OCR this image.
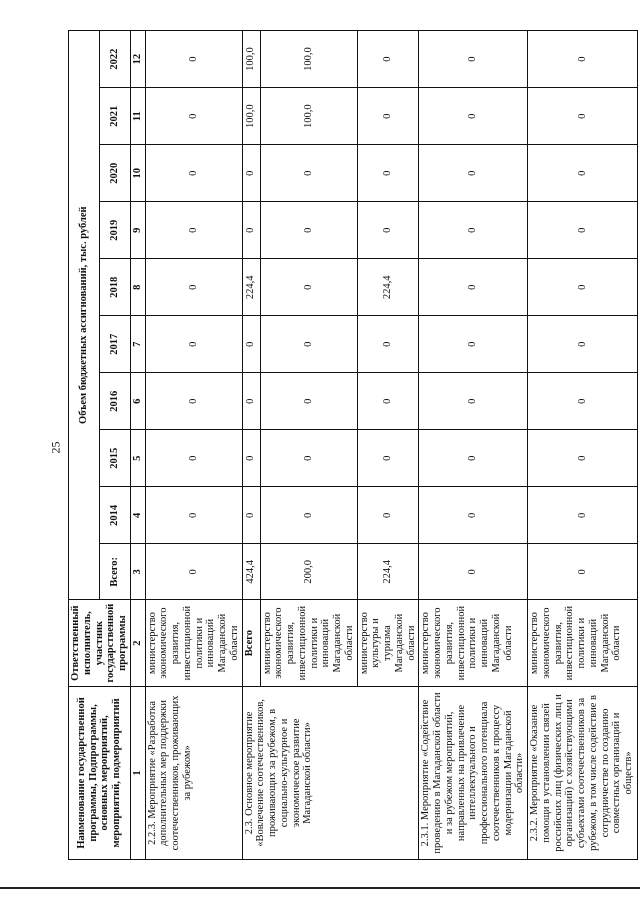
25
Наименование государственной программы, Подпрограммы, основных мероприятий, мероприятий, подмероприятий	Ответственный исполнитель, участник государственной программы	Объем бюджетных ассигнований, тыс. рублей									
		Всего:	2014	2015	2016	2017	2018	2019	2020	2021	2022
1	2	3	4	5	6	7	8	9	10	11	12
2.2.3. Мероприятие «Разработка дополнительных мер поддержки соотечественников, проживающих за рубежом»	министерство экономического развития, инвестиционной политики и инноваций Магаданской области	0	0	0	0	0	0	0	0	0	0
2.3. Основное мероприятие «Вовлечение соотечественников, проживающих за рубежом, в социально-культурное и экономическое развитие Магаданской области»	Всего	424,4	0	0	0	0	224,4	0	0	100,0	100,0
	министерство экономического развития, инвестиционной политики и инноваций Магаданской области	200,0	0	0	0	0	0	0	0	100,0	100,0
	министерство культуры и туризма Магаданской области	224,4	0	0	0	0	224,4	0	0	0	0
2.3.1. Мероприятие «Содействие проведению в Магаданской области и за рубежом мероприятий, направленных на привлечение интеллектуального и профессионального потенциала соотечественников к процессу модернизации Магаданской области»	министерство экономического развития, инвестиционной политики и инноваций Магаданской области	0	0	0	0	0	0	0	0	0	0
2.3.2. Мероприятие «Оказание помощи в установлении связей российских лиц (физических лиц и организаций) с хозяйствующими субъектами соотечественников за рубежом, в том числе содействие в сотрудничестве по созданию совместных организаций и обществ»	министерство экономического развития, инвестиционной политики и инноваций Магаданской области	0	0	0	0	0	0	0	0	0	0
